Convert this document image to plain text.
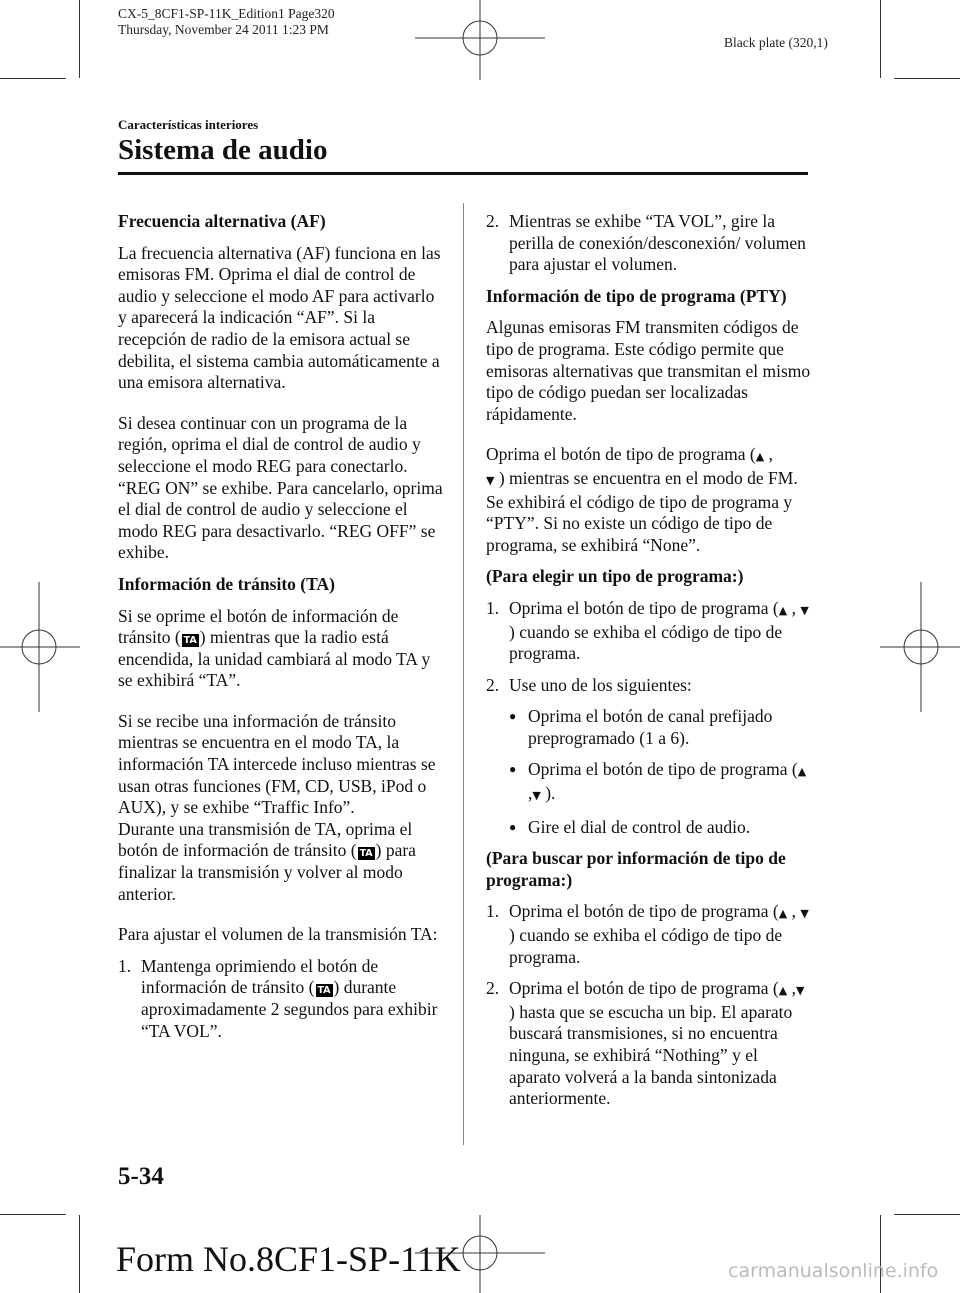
CX-5_8CF1-SP-11K_Edition1 Page320
Thursday, November 24 2011 1:23 PM
Black plate (320,1)
Características interiores
Sistema de audio
Frecuencia alternativa (AF)

La frecuencia alternativa (AF) funciona en las emisoras FM. Oprima el dial de control de audio y seleccione el modo AF para activarlo y aparecerá la indicación “AF”. Si la recepción de radio de la emisora actual se debilita, el sistema cambia automáticamente a una emisora alternativa.

Si desea continuar con un programa de la región, oprima el dial de control de audio y seleccione el modo REG para conectarlo. “REG ON” se exhibe. Para cancelarlo, oprima el dial de control de audio y seleccione el modo REG para desactivarlo. “REG OFF” se exhibe.

Información de tránsito (TA)

Si se oprime el botón de información de tránsito ( TA ) mientras que la radio está encendida, la unidad cambiará al modo TA y se exhibirá “TA”.

Si se recibe una información de tránsito mientras se encuentra en el modo TA, la información TA intercede incluso mientras se usan otras funciones (FM, CD, USB, iPod o AUX), y se exhibe “Traffic Info”.
Durante una transmisión de TA, oprima el botón de información de tránsito ( TA ) para finalizar la transmisión y volver al modo anterior.

Para ajustar el volumen de la transmisión TA:

1. Mantenga oprimiendo el botón de información de tránsito ( TA ) durante aproximadamente 2 segundos para exhibir “TA VOL”.
2. Mientras se exhibe “TA VOL”, gire la perilla de conexión/desconexión/ volumen para ajustar el volumen.
Información de tipo de programa (PTY)

Algunas emisoras FM transmiten códigos de tipo de programa. Este código permite que emisoras alternativas que transmitan el mismo tipo de código puedan ser localizadas rápidamente.

Oprima el botón de tipo de programa (▲ ,
▼ ) mientras se encuentra en el modo de FM. Se exhibirá el código de tipo de programa y “PTY”. Si no existe un código de tipo de programa, se exhibirá “None”.

(Para elegir un tipo de programa:)
1. Oprima el botón de tipo de programa (▲ , ▼ ) cuando se exhiba el código de tipo de programa.
2. Use uno de los siguientes:
● Oprima el botón de canal prefijado preprogramado (1 a 6).
● Oprima el botón de tipo de programa (▲ ,▼ ).
● Gire el dial de control de audio.
(Para buscar por información de tipo de programa:)
1. Oprima el botón de tipo de programa (▲ , ▼ ) cuando se exhiba el código de tipo de programa.
2. Oprima el botón de tipo de programa (▲ ,▼ ) hasta que se escucha un bip. El aparato buscará transmisiones, si no encuentra ninguna, se exhibirá “Nothing” y el aparato volverá a la banda sintonizada anteriormente.
5-34
Form No.8CF1-SP-11K	carmanualsonline.info
